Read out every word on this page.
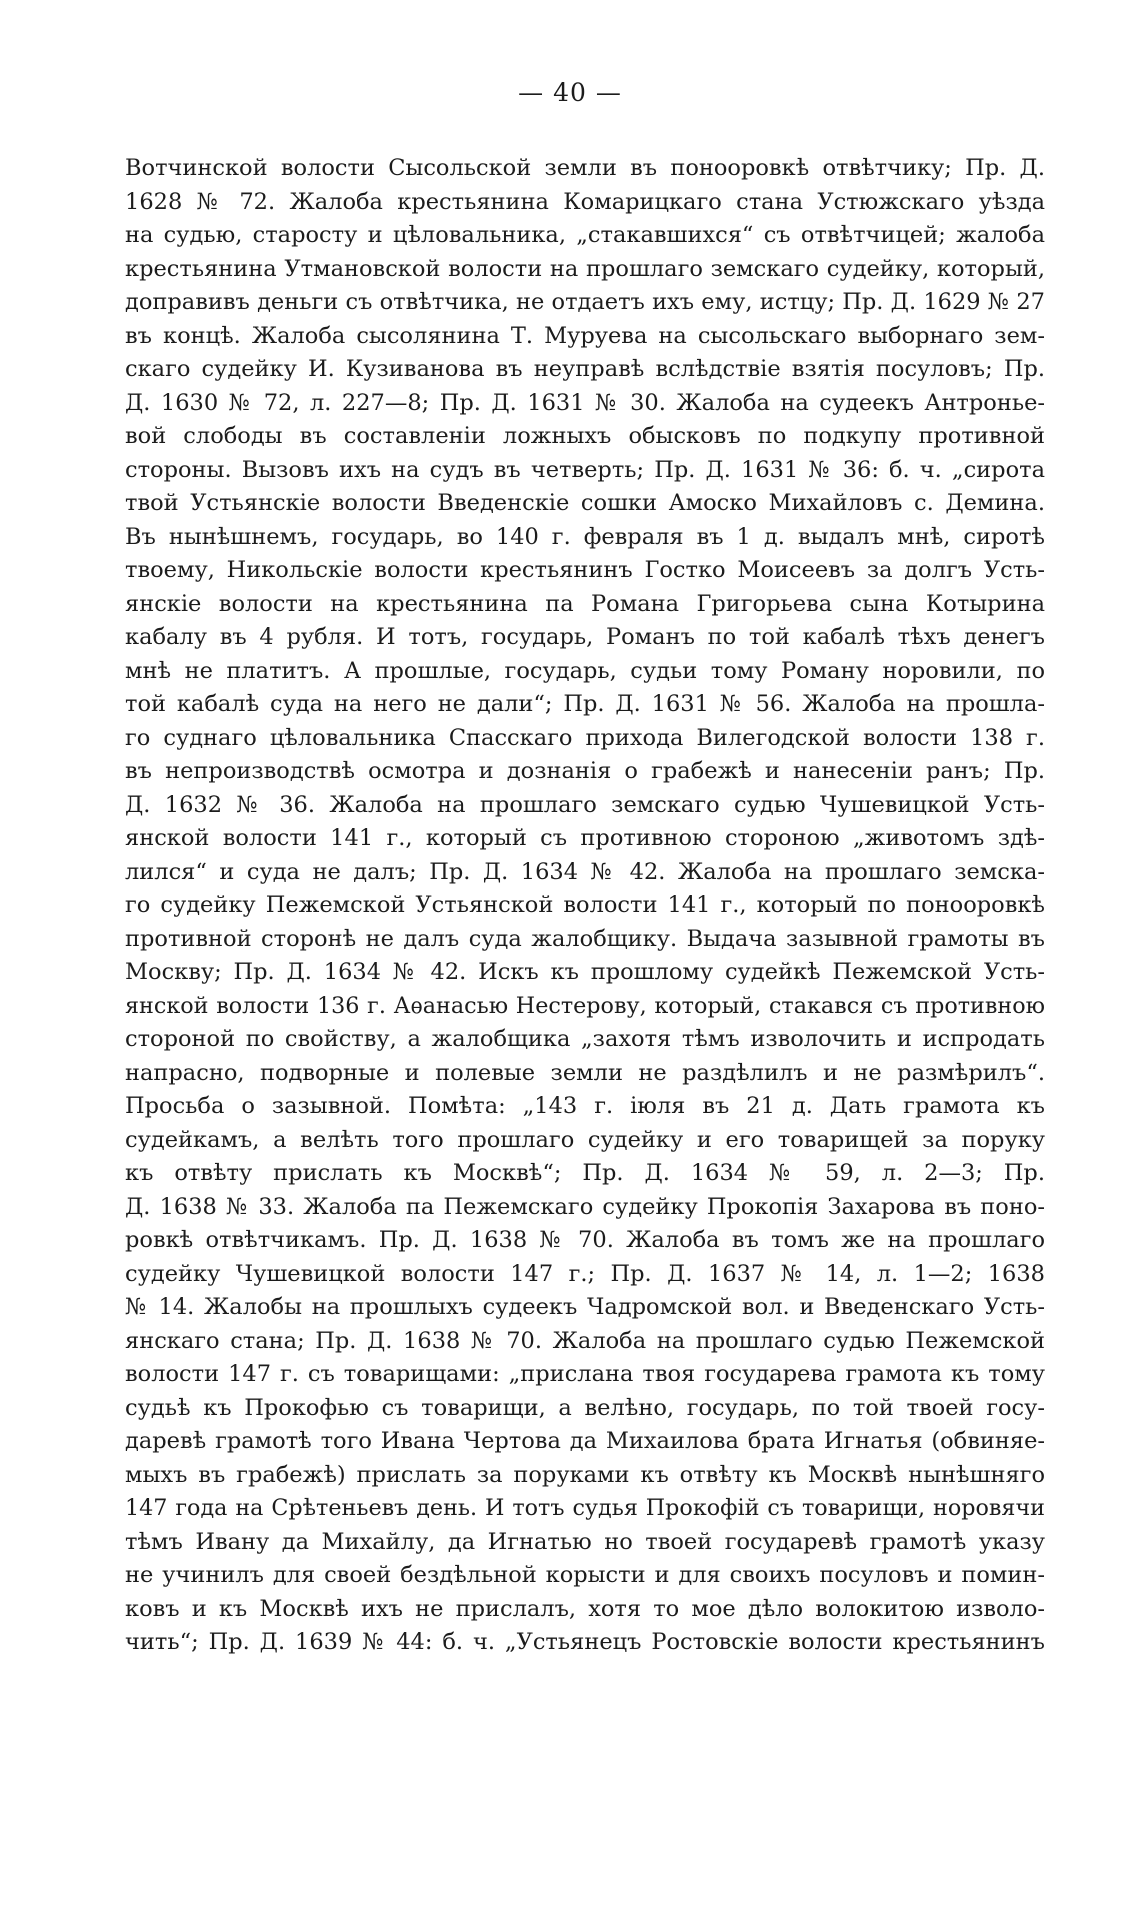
— 40 —
Вотчинской волости Сысольской земли въ понооровкѣ отвѣтчику; Пр. Д.
1628 № 72. Жалоба крестьянина Комарицкаго стана Устюжскаго уѣзда
на судью, старосту и цѣловальника, „стакавшихся“ съ отвѣтчицей; жалоба
крестьянина Утмановской волости на прошлаго земскаго судейку, который,
доправивъ деньги съ отвѣтчика, не отдаетъ ихъ ему, истцу; Пр. Д. 1629 № 27
въ концѣ. Жалоба сысолянина Т. Муруева на сысольскаго выборнаго зем-
скаго судейку И. Кузиванова въ неуправѣ вслѣдствіе взятія посуловъ; Пр.
Д. 1630 № 72, л. 227—8; Пр. Д. 1631 № 30. Жалоба на судеекъ Антронье-
вой слободы въ составленіи ложныхъ обысковъ по подкупу противной
стороны. Вызовъ ихъ на судъ въ четверть; Пр. Д. 1631 № 36: б. ч. „сирота
твой Устьянскіе волости Введенскіе сошки Амоско Михайловъ с. Демина.
Въ нынѣшнемъ, государь, во 140 г. февраля въ 1 д. выдалъ мнѣ, сиротѣ
твоему, Никольскіе волости крестьянинъ Гостко Моисеевъ за долгъ Усть-
янскіе волости на крестьянина па Романа Григорьева сына Котырина
кабалу въ 4 рубля. И тотъ, государь, Романъ по той кабалѣ тѣхъ денегъ
мнѣ не платитъ. А прошлые, государь, судьи тому Роману норовили, по
той кабалѣ суда на него не дали“; Пр. Д. 1631 № 56. Жалоба на прошла-
го суднаго цѣловальника Спасскаго прихода Вилегодской волости 138 г.
въ непроизводствѣ осмотра и дознанія о грабежѣ и нанесеніи ранъ; Пр.
Д. 1632 № 36. Жалоба на прошлаго земскаго судью Чушевицкой Усть-
янской волости 141 г., который съ противною стороною „животомъ здѣ-
лился“ и суда не далъ; Пр. Д. 1634 № 42. Жалоба на прошлаго земска-
го судейку Пежемской Устьянской волости 141 г., который по понооровкѣ
противной сторонѣ не далъ суда жалобщику. Выдача зазывной грамоты въ
Москву; Пр. Д. 1634 № 42. Искъ къ прошлому судейкѣ Пежемской Усть-
янской волости 136 г. Аѳанасью Нестерову, который, стакався съ противною
стороной по свойству, а жалобщика „захотя тѣмъ изволочить и испродать
напрасно, подворные и полевые земли не раздѣлилъ и не размѣрилъ“.
Просьба о зазывной. Помѣта: „143 г. іюля въ 21 д. Дать грамота къ
судейкамъ, а велѣть того прошлаго судейку и его товарищей за поруку
къ отвѣту прислать къ Москвѣ“; Пр. Д. 1634 № 59, л. 2—3; Пр.
Д. 1638 № 33. Жалоба па Пежемскаго судейку Прокопія Захарова въ поно-
ровкѣ отвѣтчикамъ. Пр. Д. 1638 № 70. Жалоба въ томъ же на прошлаго
судейку Чушевицкой волости 147 г.; Пр. Д. 1637 № 14, л. 1—2; 1638
№ 14. Жалобы на прошлыхъ судеекъ Чадромской вол. и Введенскаго Усть-
янскаго стана; Пр. Д. 1638 № 70. Жалоба на прошлаго судью Пежемской
волости 147 г. съ товарищами: „прислана твоя государева грамота къ тому
судьѣ къ Прокофью съ товарищи, а велѣно, государь, по той твоей госу-
даревѣ грамотѣ того Ивана Чертова да Михаилова брата Игнатья (обвиняе-
мыхъ въ грабежѣ) прислать за поруками къ отвѣту къ Москвѣ нынѣшняго
147 года на Срѣтеньевъ день. И тотъ судья Прокофій съ товарищи, норовячи
тѣмъ Ивану да Михайлу, да Игнатью но твоей государевѣ грамотѣ указу
не учинилъ для своей бездѣльной корысти и для своихъ посуловъ и помин-
ковъ и къ Москвѣ ихъ не прислалъ, хотя то мое дѣло волокитою изволо-
чить“; Пр. Д. 1639 № 44: б. ч. „Устьянецъ Ростовскіе волости крестьянинъ
